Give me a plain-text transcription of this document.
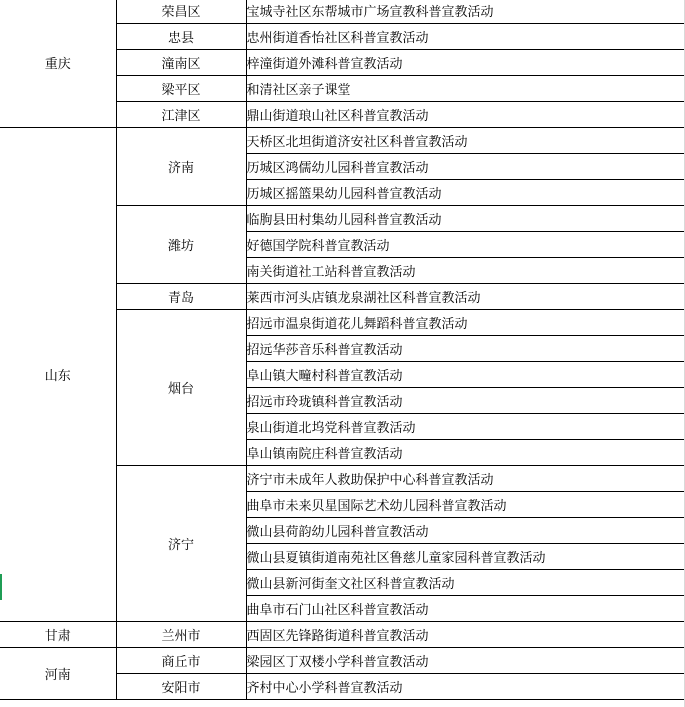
重庆	荣昌区	宝城寺社区东帮城市广场宣教科普宣教活动
	忠县	忠州街道香怡社区科普宣教活动
	潼南区	梓潼街道外滩科普宣教活动
	梁平区	和清社区亲子课堂
	江津区	鼎山街道琅山社区科普宣教活动
山东	济南	天桥区北坦街道济安社区科普宣教活动
		历城区鸿儒幼儿园科普宣教活动
		历城区摇篮果幼儿园科普宣教活动
	潍坊	临朐县田村集幼儿园科普宣教活动
		好德国学院科普宣教活动
		南关街道社工站科普宣教活动
	青岛	莱西市河头店镇龙泉湖社区科普宣教活动
	烟台	招远市温泉街道花儿舞蹈科普宣教活动
		招远华莎音乐科普宣教活动
		阜山镇大疃村科普宣教活动
		招远市玲珑镇科普宣教活动
		泉山街道北坞党科普宣教活动
		阜山镇南院庄科普宣教活动
	济宁	济宁市未成年人救助保护中心科普宣教活动
		曲阜市未来贝星国际艺术幼儿园科普宣教活动
		微山县荷韵幼儿园科普宣教活动
		微山县夏镇街道南苑社区鲁慈儿童家园科普宣教活动
		微山县新河街奎文社区科普宣教活动
		曲阜市石门山社区科普宣教活动
甘肃	兰州市	西固区先锋路街道科普宣教活动
河南	商丘市	梁园区丁双楼小学科普宣教活动
	安阳市	齐村中心小学科普宣教活动
